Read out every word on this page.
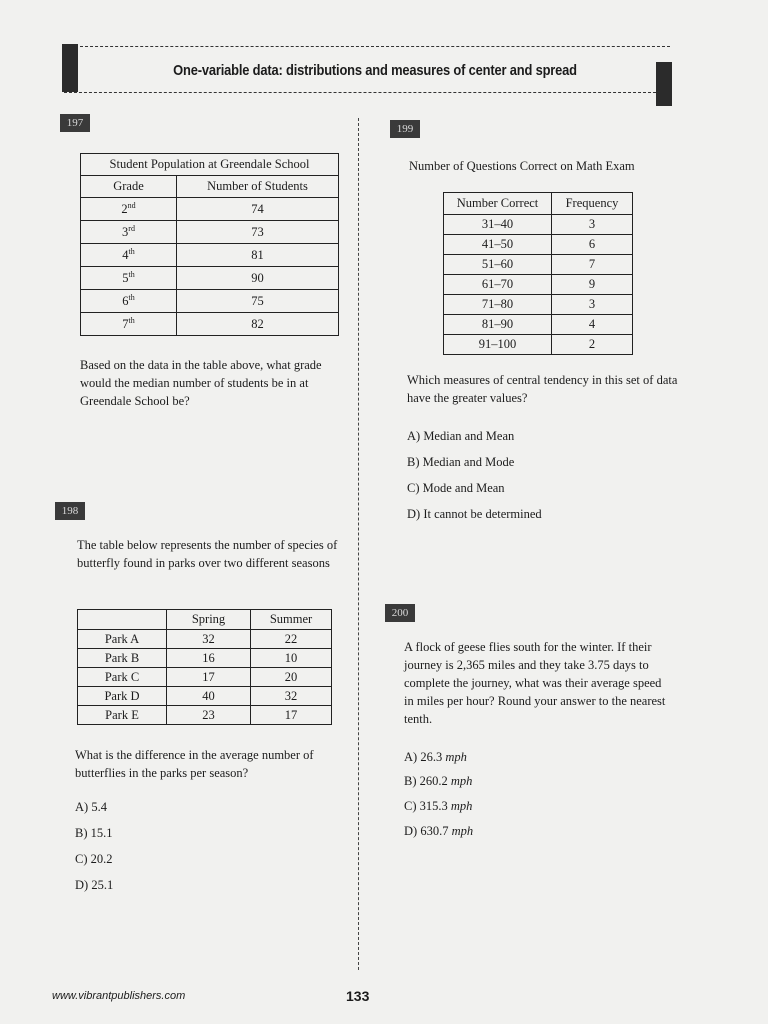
One-variable data: distributions and measures of center and spread
197
Student Population at Greendale School	
Grade	Number of Students
2nd	74
3rd	73
4th	81
5th	90
6th	75
7th	82
Based on the data in the table above, what grade would the median number of students be in at Greendale School be?
198
The table below represents the number of species of butterfly found in parks over two different seasons
	Spring	Summer
Park A	32	22
Park B	16	10
Park C	17	20
Park D	40	32
Park E	23	17
What is the difference in the average number of butterflies in the parks per season?
A) 5.4
B) 15.1
C) 20.2
D) 25.1
199
Number of Questions Correct on Math Exam
Number Correct	Frequency
31–40	3
41–50	6
51–60	7
61–70	9
71–80	3
81–90	4
91–100	2
Which measures of central tendency in this set of data have the greater values?
A) Median and Mean
B) Median and Mode
C) Mode and Mean
D) It cannot be determined
200
A flock of geese flies south for the winter. If their journey is 2,365 miles and they take 3.75 days to complete the journey, what was their average speed in miles per hour? Round your answer to the nearest tenth.
A) 26.3 mph
B) 260.2 mph
C) 315.3 mph
D) 630.7 mph
www.vibrantpublishers.com	133
